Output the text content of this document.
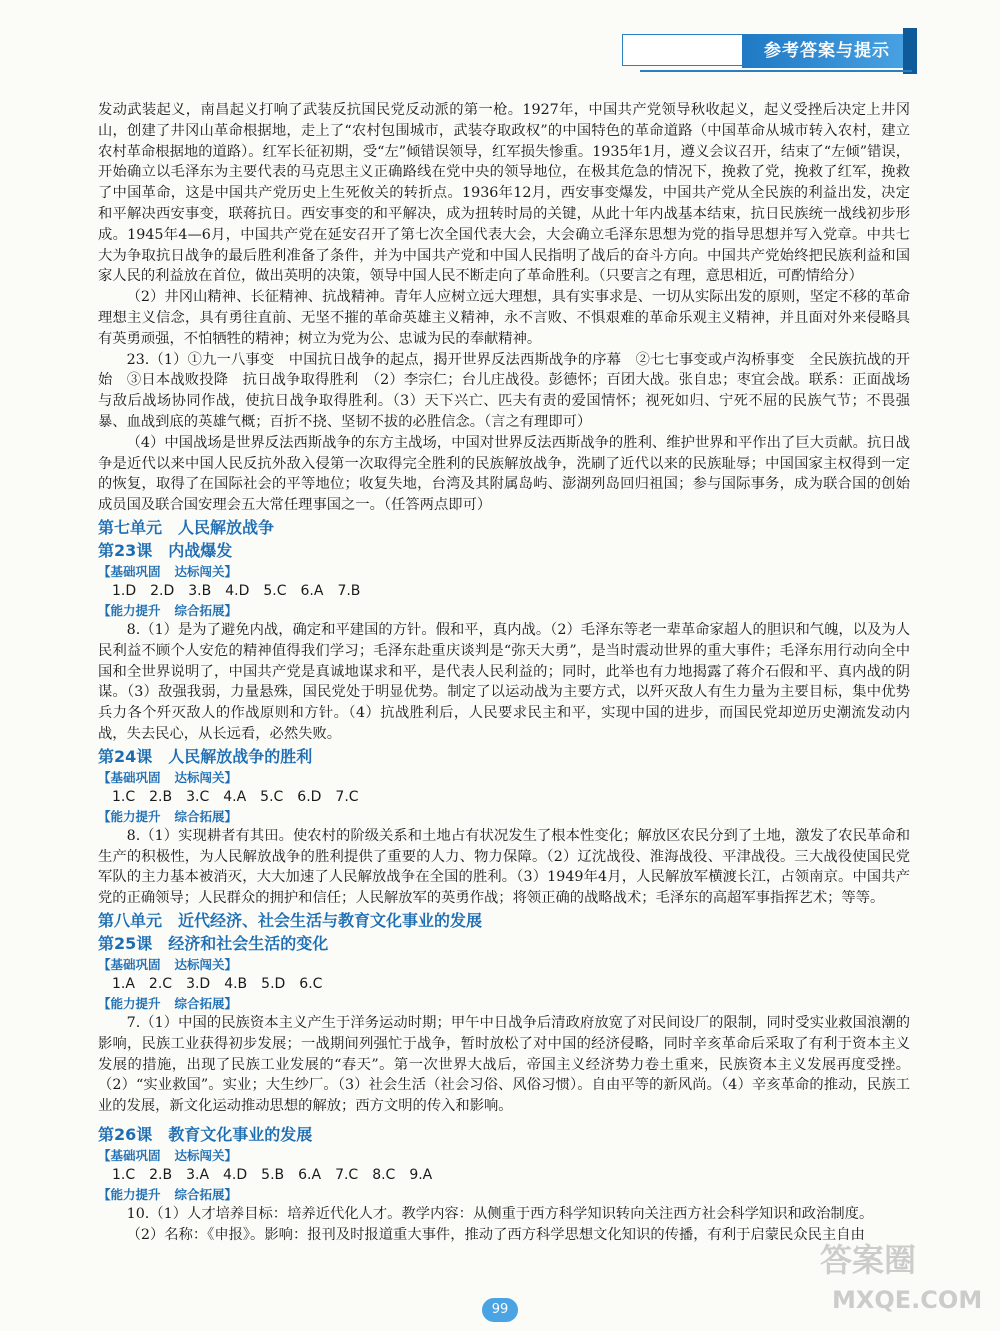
参考答案与提示

发动武装起义，南昌起义打响了武装反抗国民党反动派的第一枪。1927年，中国共产党领导秋收起义，起义受挫后决定上井冈山，创建了井冈山革命根据地，走上了“农村包围城市，武装夺取政权”的中国特色的革命道路（中国革命从城市转入农村，建立农村革命根据地的道路）。红军长征初期，受“左”倾错误领导，红军损失惨重。1935年1月，遵义会议召开，结束了“左倾”错误，开始确立以毛泽东为主要代表的马克思主义正确路线在党中央的领导地位，在极其危急的情况下，挽救了党，挽救了红军，挽救了中国革命，这是中国共产党历史上生死攸关的转折点。1936年12月，西安事变爆发，中国共产党从全民族的利益出发，决定和平解决西安事变，联蒋抗日。西安事变的和平解决，成为扭转时局的关键，从此十年内战基本结束，抗日民族统一战线初步形成。1945年4—6月，中国共产党在延安召开了第七次全国代表大会，大会确立毛泽东思想为党的指导思想并写入党章。中共七大为争取抗日战争的最后胜利准备了条件，并为中国共产党和中国人民指明了战后的奋斗方向。中国共产党始终把民族利益和国家人民的利益放在首位，做出英明的决策，领导中国人民不断走向了革命胜利。（只要言之有理，意思相近，可酌情给分）

（2）井冈山精神、长征精神、抗战精神。青年人应树立远大理想，具有实事求是、一切从实际出发的原则，坚定不移的革命理想主义信念，具有勇往直前、无坚不摧的革命英雄主义精神，永不言败、不惧艰难的革命乐观主义精神，并且面对外来侵略具有英勇顽强，不怕牺牲的精神；树立为党为公、忠诚为民的奉献精神。

23.（1）①九一八事变　中国抗日战争的起点，揭开世界反法西斯战争的序幕　②七七事变或卢沟桥事变　全民族抗战的开始　③日本战败投降　抗日战争取得胜利　（2）李宗仁；台儿庄战役。彭德怀；百团大战。张自忠；枣宜会战。联系：正面战场与敌后战场协同作战，使抗日战争取得胜利。（3）天下兴亡、匹夫有责的爱国情怀；视死如归、宁死不屈的民族气节；不畏强暴、血战到底的英雄气概；百折不挠、坚韧不拔的必胜信念。（言之有理即可）

（4）中国战场是世界反法西斯战争的东方主战场，中国对世界反法西斯战争的胜利、维护世界和平作出了巨大贡献。抗日战争是近代以来中国人民反抗外敌入侵第一次取得完全胜利的民族解放战争，洗刷了近代以来的民族耻辱；中国国家主权得到一定的恢复，取得了在国际社会的平等地位；收复失地，台湾及其附属岛屿、澎湖列岛回归祖国；参与国际事务，成为联合国的创始成员国及联合国安理会五大常任理事国之一。（任答两点即可）

第七单元　人民解放战争

第23课　内战爆发

【基础巩固 达标闯关】

1.D　2.D　3.B　4.D　5.C　6.A　7.B

【能力提升 综合拓展】

8.（1）是为了避免内战，确定和平建国的方针。假和平，真内战。（2）毛泽东等老一辈革命家超人的胆识和气魄，以及为人民利益不顾个人安危的精神值得我们学习；毛泽东赴重庆谈判是“弥天大勇”，是当时震动世界的重大事件；毛泽东用行动向全中国和全世界说明了，中国共产党是真诚地谋求和平，是代表人民利益的；同时，此举也有力地揭露了蒋介石假和平、真内战的阴谋。（3）敌强我弱，力量悬殊，国民党处于明显优势。制定了以运动战为主要方式，以歼灭敌人有生力量为主要目标，集中优势兵力各个歼灭敌人的作战原则和方针。（4）抗战胜利后，人民要求民主和平，实现中国的进步，而国民党却逆历史潮流发动内战，失去民心，从长远看，必然失败。

第24课　人民解放战争的胜利

【基础巩固 达标闯关】

1.C　2.B　3.C　4.A　5.C　6.D　7.C

【能力提升 综合拓展】

8.（1）实现耕者有其田。使农村的阶级关系和土地占有状况发生了根本性变化；解放区农民分到了土地，激发了农民革命和生产的积极性，为人民解放战争的胜利提供了重要的人力、物力保障。（2）辽沈战役、淮海战役、平津战役。三大战役使国民党军队的主力基本被消灭，大大加速了人民解放战争在全国的胜利。（3）1949年4月，人民解放军横渡长江，占领南京。中国共产党的正确领导；人民群众的拥护和信任；人民解放军的英勇作战；将领正确的战略战术；毛泽东的高超军事指挥艺术；等等。

第八单元　近代经济、社会生活与教育文化事业的发展

第25课　经济和社会生活的变化

【基础巩固 达标闯关】

1.A　2.C　3.D　4.B　5.D　6.C

【能力提升 综合拓展】

7.（1）中国的民族资本主义产生于洋务运动时期；甲午中日战争后清政府放宽了对民间设厂的限制，同时受实业救国浪潮的影响，民族工业获得初步发展；一战期间列强忙于战争，暂时放松了对中国的经济侵略，同时辛亥革命后采取了有利于资本主义发展的措施，出现了民族工业发展的“春天”。第一次世界大战后，帝国主义经济势力卷土重来，民族资本主义发展再度受挫。（2）“实业救国”。实业；大生纱厂。（3）社会生活（社会习俗、风俗习惯）。自由平等的新风尚。（4）辛亥革命的推动，民族工业的发展，新文化运动推动思想的解放；西方文明的传入和影响。

第26课　教育文化事业的发展

【基础巩固 达标闯关】

1.C　2.B　3.A　4.D　5.B　6.A　7.C　8.C　9.A

【能力提升 综合拓展】

10.（1）人才培养目标：培养近代化人才。教学内容：从侧重于西方科学知识转向关注西方社会科学知识和政治制度。

（2）名称：《申报》。影响：报刊及时报道重大事件，推动了西方科学思想文化知识的传播，有利于启蒙民众民主自由

答案圈
MXQE.COM
99
